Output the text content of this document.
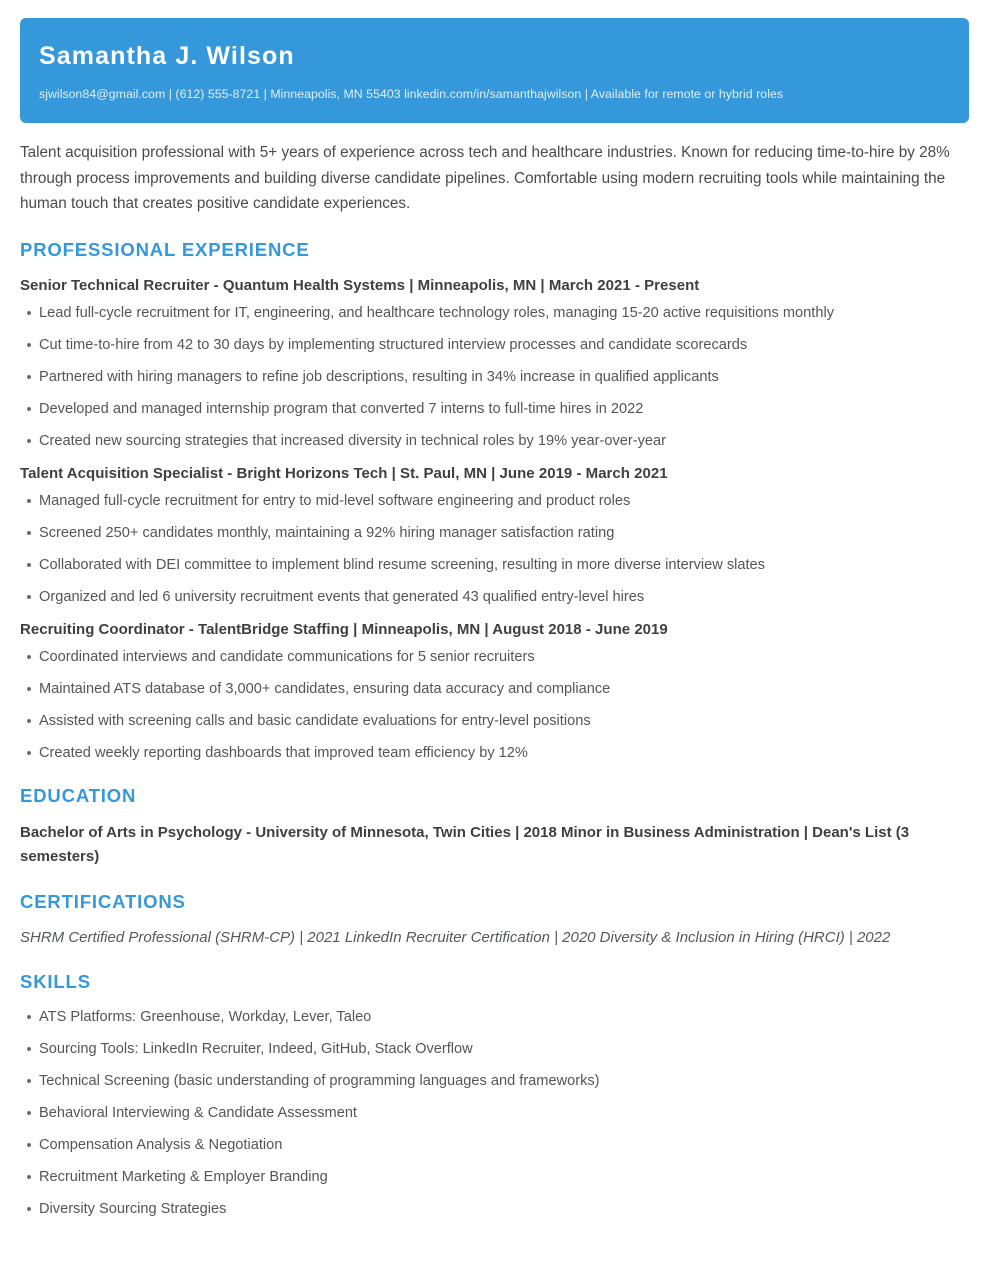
Samantha J. Wilson

sjwilson84@gmail.com | (612) 555-8721 | Minneapolis, MN 55403 linkedin.com/in/samanthajwilson | Available for remote or hybrid roles

Talent acquisition professional with 5+ years of experience across tech and healthcare industries. Known for reducing time-to-hire by 28% through process improvements and building diverse candidate pipelines. Comfortable using modern recruiting tools while maintaining the human touch that creates positive candidate experiences.

PROFESSIONAL EXPERIENCE
Senior Technical Recruiter - Quantum Health Systems | Minneapolis, MN | March 2021 - Present
Lead full-cycle recruitment for IT, engineering, and healthcare technology roles, managing 15-20 active requisitions monthly
Cut time-to-hire from 42 to 30 days by implementing structured interview processes and candidate scorecards
Partnered with hiring managers to refine job descriptions, resulting in 34% increase in qualified applicants
Developed and managed internship program that converted 7 interns to full-time hires in 2022
Created new sourcing strategies that increased diversity in technical roles by 19% year-over-year
Talent Acquisition Specialist - Bright Horizons Tech | St. Paul, MN | June 2019 - March 2021
Managed full-cycle recruitment for entry to mid-level software engineering and product roles
Screened 250+ candidates monthly, maintaining a 92% hiring manager satisfaction rating
Collaborated with DEI committee to implement blind resume screening, resulting in more diverse interview slates
Organized and led 6 university recruitment events that generated 43 qualified entry-level hires
Recruiting Coordinator - TalentBridge Staffing | Minneapolis, MN | August 2018 - June 2019
Coordinated interviews and candidate communications for 5 senior recruiters
Maintained ATS database of 3,000+ candidates, ensuring data accuracy and compliance
Assisted with screening calls and basic candidate evaluations for entry-level positions
Created weekly reporting dashboards that improved team efficiency by 12%
EDUCATION

Bachelor of Arts in Psychology - University of Minnesota, Twin Cities | 2018 Minor in Business Administration | Dean's List (3 semesters)

CERTIFICATIONS

SHRM Certified Professional (SHRM-CP) | 2021 LinkedIn Recruiter Certification | 2020 Diversity & Inclusion in Hiring (HRCI) | 2022

SKILLS
ATS Platforms: Greenhouse, Workday, Lever, Taleo
Sourcing Tools: LinkedIn Recruiter, Indeed, GitHub, Stack Overflow
Technical Screening (basic understanding of programming languages and frameworks)
Behavioral Interviewing & Candidate Assessment
Compensation Analysis & Negotiation
Recruitment Marketing & Employer Branding
Diversity Sourcing Strategies
